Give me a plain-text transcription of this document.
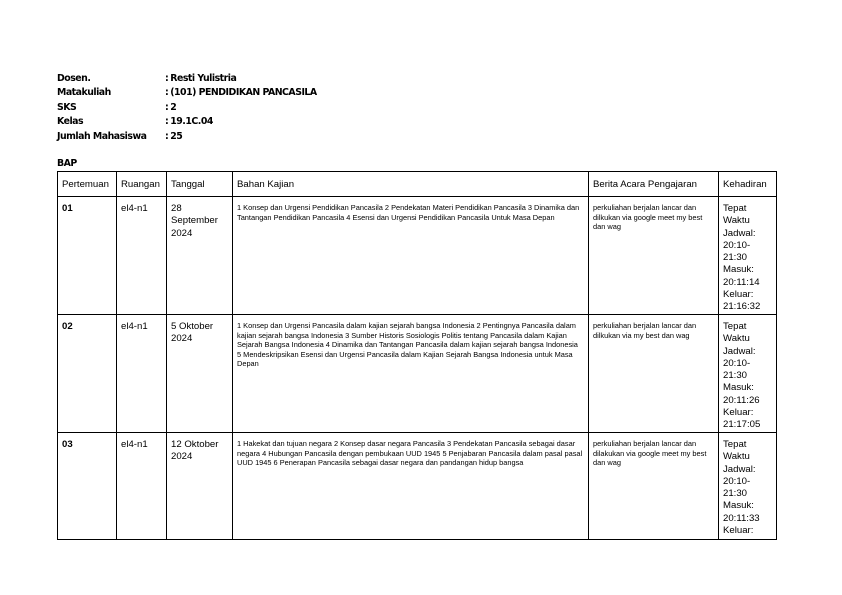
Dosen.	: Resti Yulistria
Matakuliah	: (101) PENDIDIKAN PANCASILA
SKS	: 2
Kelas	: 19.1C.04
Jumlah Mahasiswa	: 25
BAP
Pertemuan	Ruangan	Tanggal	Bahan Kajian	Berita Acara Pengajaran	Kehadiran
01	el4-n1	28 September 2024	1 Konsep dan Urgensi Pendidikan Pancasila 2 Pendekatan Materi Pendidikan Pancasila 3 Dinamika dan Tantangan Pendidikan Pancasila 4 Esensi dan Urgensi Pendidikan Pancasila Untuk Masa Depan	perkuliahan berjalan lancar dan dilkukan via google meet my best dan wag	Tepat Waktu Jadwal: 20:10-21:30 Masuk: 20:11:14 Keluar: 21:16:32
02	el4-n1	5 Oktober 2024	1 Konsep dan Urgensi Pancasila dalam kajian sejarah bangsa Indonesia 2 Pentingnya Pancasila dalam kajian sejarah bangsa Indonesia 3 Sumber Historis Sosiologis Politis tentang Pancasila dalam Kajian Sejarah Bangsa Indonesia 4 Dinamika dan Tantangan Pancasila dalam kajian sejarah bangsa Indonesia 5 Mendeskripsikan Esensi dan Urgensi Pancasila dalam Kajian Sejarah Bangsa Indonesia untuk Masa Depan	perkuliahan berjalan lancar dan dilkukan via my best dan wag	Tepat Waktu Jadwal: 20:10-21:30 Masuk: 20:11:26 Keluar: 21:17:05
03	el4-n1	12 Oktober 2024	1 Hakekat dan tujuan negara 2 Konsep dasar negara Pancasila 3 Pendekatan Pancasila sebagai dasar negara 4 Hubungan Pancasila dengan pembukaan UUD 1945 5 Penjabaran Pancasila dalam pasal pasal UUD 1945 6 Penerapan Pancasila sebagai dasar negara dan pandangan hidup bangsa	perkuliahan berjalan lancar dan dilakukan via google meet my best dan wag	Tepat Waktu Jadwal: 20:10-21:30 Masuk: 20:11:33 Keluar:
